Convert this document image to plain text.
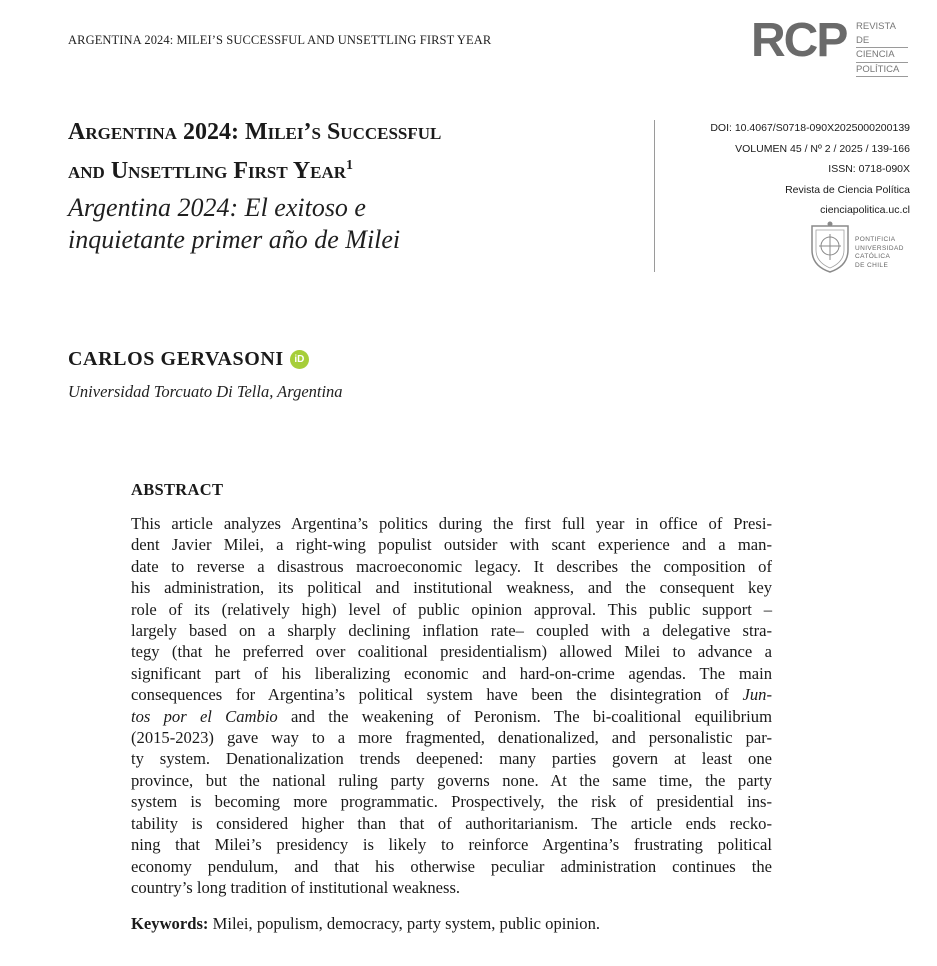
ARGENTINA 2024: MILEI’S SUCCESSFUL AND UNSETTLING FIRST YEAR	RCP REVISTA DE
CIENCIA
POLÍTICA
Argentina 2024: Milei’s Successful
and Unsettling First Year$^1$
Argentina 2024: El exitoso e
inquietante primer año de Milei
DOI: 10.4067/S0718-090X2025000200139
VOLUMEN 45 / Nº 2 / 2025 / 139-166
ISSN: 0718-090X
Revista de Ciencia Política
cienciapolitica.uc.cl
PONTIFICIA
UNIVERSIDAD
CATÓLICA
DE CHILE
CARLOS GERVASONI	iD
Universidad Torcuato Di Tella, Argentina
ABSTRACT
This article analyzes Argentina’s politics during the first full year in office of Presi-
dent Javier Milei, a right-wing populist outsider with scant experience and a man-
date to reverse a disastrous macroeconomic legacy. It describes the composition of
his administration, its political and institutional weakness, and the consequent key
role of its (relatively high) level of public opinion approval. This public support –
largely based on a sharply declining inflation rate– coupled with a delegative stra-
tegy (that he preferred over coalitional presidentialism) allowed Milei to advance a
significant part of his liberalizing economic and hard-on-crime agendas. The main
consequences for Argentina’s political system have been the disintegration of Jun-
tos por el Cambio and the weakening of Peronism. The bi-coalitional equilibrium
(2015-2023) gave way to a more fragmented, denationalized, and personalistic par-
ty system. Denationalization trends deepened: many parties govern at least one
province, but the national ruling party governs none. At the same time, the party
system is becoming more programmatic. Prospectively, the risk of presidential ins-
tability is considered higher than that of authoritarianism. The article ends recko-
ning that Milei’s presidency is likely to reinforce Argentina’s frustrating political
economy pendulum, and that his otherwise peculiar administration continues the
country’s long tradition of institutional weakness.
Keywords: Milei, populism, democracy, party system, public opinion.
